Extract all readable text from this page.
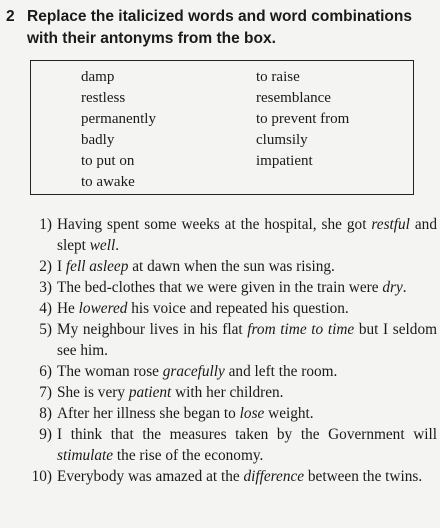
2 Replace the italicized words and word combinations with their antonyms from the box.
damp
restless
permanently
badly
to put on
to awake
to raise
resemblance
to prevent from
clumsily
impatient
1) Having spent some weeks at the hospital, she got restful and slept well.
2) I fell asleep at dawn when the sun was rising.
3) The bed-clothes that we were given in the train were dry.
4) He lowered his voice and repeated his question.
5) My neighbour lives in his flat from time to time but I seldom see him.
6) The woman rose gracefully and left the room.
7) She is very patient with her children.
8) After her illness she began to lose weight.
9) I think that the measures taken by the Government will stimulate the rise of the economy.
10) Everybody was amazed at the difference between the twins.
